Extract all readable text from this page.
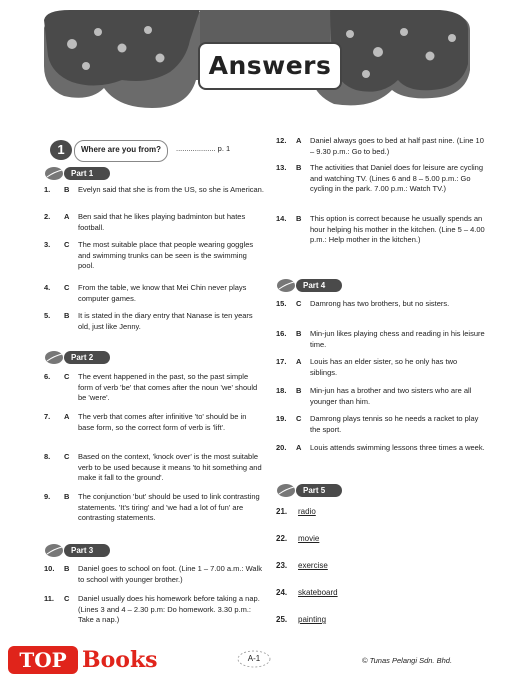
Answers
1	Where are you from?	................... p. 1
Part 1
1.	B	Evelyn said that she is from the US, so she is American.
2.	A	Ben said that he likes playing badminton but hates football.
3.	C	The most suitable place that people wearing goggles and swimming trunks can be seen is the swimming pool.
4.	C	From the table, we know that Mei Chin never plays computer games.
5.	B	It is stated in the diary entry that Nanase is ten years old, just like Jenny.
Part 2
6.	C	The event happened in the past, so the past simple form of verb 'be' that comes after the noun 'we' should be 'were'.
7.	A	The verb that comes after infinitive 'to' should be in base form, so the correct form of verb is 'lift'.
8.	C	Based on the context, 'knock over' is the most suitable verb to be used because it means 'to hit something and make it fall to the ground'.
9.	B	The conjunction 'but' should be used to link contrasting statements. 'It's tiring' and 'we had a lot of fun' are contrasting statements.
Part 3
10.	B	Daniel goes to school on foot. (Line 1 – 7.00 a.m.: Walk to school with younger brother.)
11.	C	Daniel usually does his homework before taking a nap. (Lines 3 and 4 – 2.30 p.m: Do homework. 3.30 p.m.: Take a nap.)
12.	A	Daniel always goes to bed at half past nine. (Line 10 – 9.30 p.m.: Go to bed.)
13.	B	The activities that Daniel does for leisure are cycling and watching TV. (Lines 6 and 8 – 5.00 p.m.: Go cycling in the park. 7.00 p.m.: Watch TV.)
14.	B	This option is correct because he usually spends an hour helping his mother in the kitchen. (Line 5 – 4.00 p.m.: Help mother in the kitchen.)
Part 4
15.	C	Damrong has two brothers, but no sisters.
16.	B	Min-jun likes playing chess and reading in his leisure time.
17.	A	Louis has an elder sister, so he only has two siblings.
18.	B	Min-jun has a brother and two sisters who are all younger than him.
19.	C	Damrong plays tennis so he needs a racket to play the sport.
20.	A	Louis attends swimming lessons three times a week.
Part 5
21.	radio
22.	movie
23.	exercise
24.	skateboard
25.	painting
TOP Books	A-1	© Tunas Pelangi Sdn. Bhd.
